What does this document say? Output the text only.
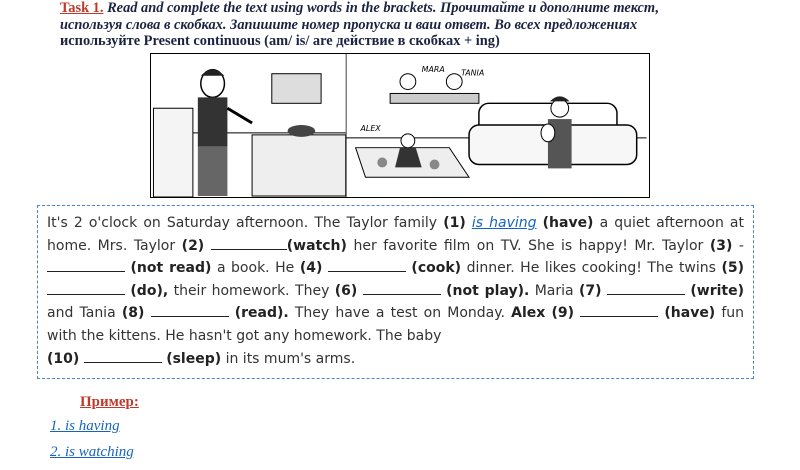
Task 1. Read and complete the text using words in the brackets. Прочитайте и дополните текст,
используя слова в скобках. Запишите номер пропуска и ваш ответ. Во всех предложениях
используйте Present continuous (am/ is/ are действие в скобках + ing)
MARA TANIA
ALEX
It's 2 o'clock on Saturday afternoon. The Taylor family (1) is having (have) a quiet afternoon at home. Mrs. Taylor (2)	(watch) her favorite film on TV. She is happy! Mr. Taylor (3) -  (not read) a book. He (4)	(cook) dinner. He likes cooking! The twins (5)  (do), their homework. They (6)	(not play). Maria (7)	(write) and Tania (8)	(read). They have a test on Monday. Alex (9)	(have) fun with the kittens. He hasn't got any homework. The baby
(10)	(sleep) in its mum's arms.
Пример:
1. is having
2. is watching
